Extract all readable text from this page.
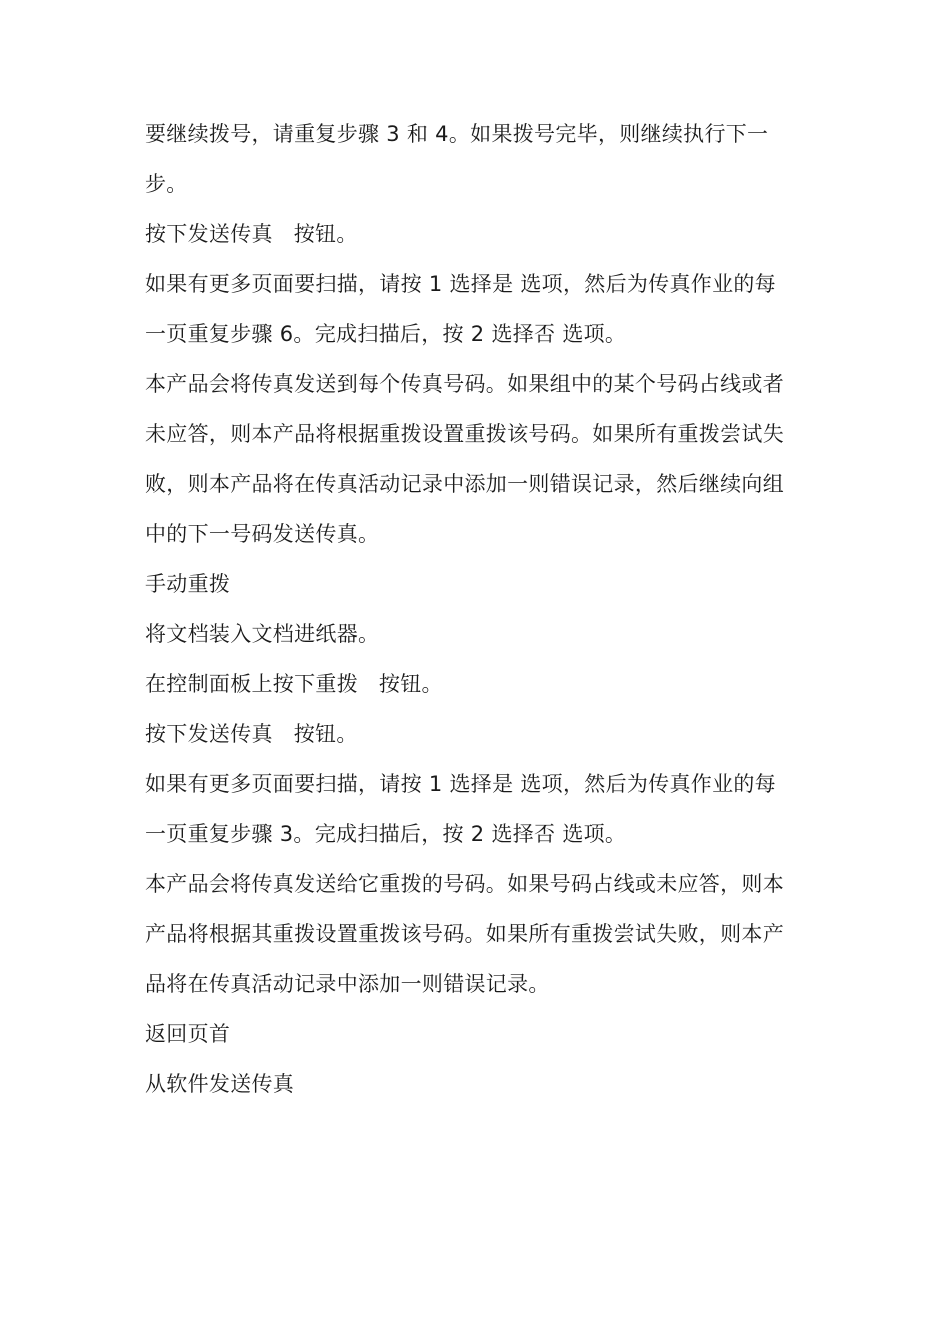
要继续拨号，请重复步骤 3 和 4。如果拨号完毕，则继续执行下一
步。

按下发送传真   按钮。

如果有更多页面要扫描，请按 1 选择是 选项，然后为传真作业的每
一页重复步骤 6。完成扫描后，按 2 选择否 选项。

本产品会将传真发送到每个传真号码。如果组中的某个号码占线或者
未应答，则本产品将根据重拨设置重拨该号码。如果所有重拨尝试失
败，则本产品将在传真活动记录中添加一则错误记录，然后继续向组
中的下一号码发送传真。

手动重拨

将文档装入文档进纸器。

在控制面板上按下重拨   按钮。

按下发送传真   按钮。

如果有更多页面要扫描，请按 1 选择是 选项，然后为传真作业的每
一页重复步骤 3。完成扫描后，按 2 选择否 选项。

本产品会将传真发送给它重拨的号码。如果号码占线或未应答，则本
产品将根据其重拨设置重拨该号码。如果所有重拨尝试失败，则本产
品将在传真活动记录中添加一则错误记录。

返回页首

从软件发送传真
